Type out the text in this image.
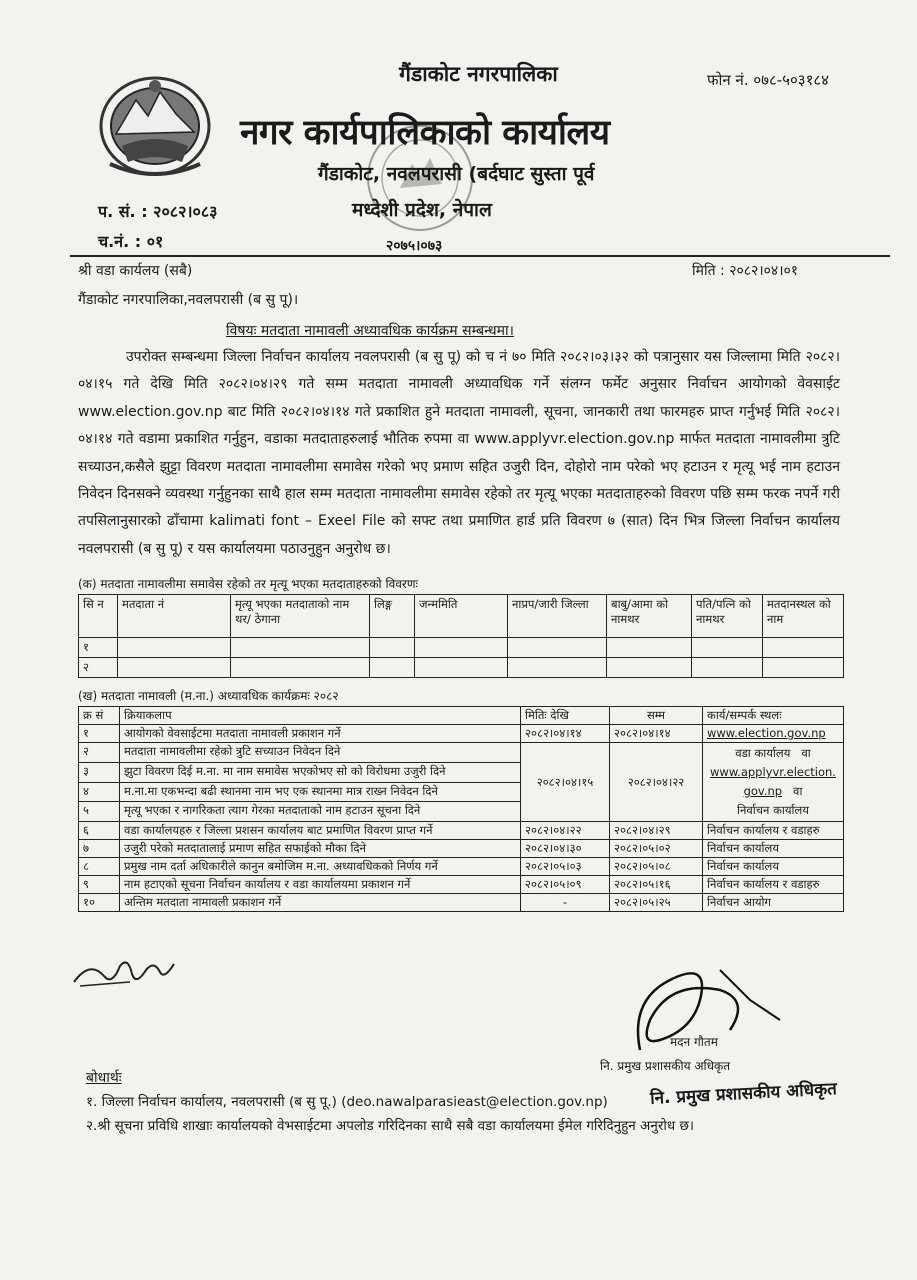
गैंडाकोट नगरपालिका	फोन नं. ०७८-५०३१८४
नगर कार्यपालिकाको कार्यालय
गैंडाकोट, नवलपरासी (बर्दघाट सुस्ता पूर्व
मध्देशी प्रदेश, नेपाल
२०७५।०७३
प. सं. : २०८२।०८३
च.नं. : ०१
श्री वडा कार्यलय (सबै)	मिति : २०८२।०४।०१
गैंडाकोट नगरपालिका,नवलपरासी (ब सु पू)।
विषयः मतदाता नामावली अध्यावधिक कार्यक्रम सम्बन्धमा।
उपरोक्त सम्बन्धमा जिल्ला निर्वाचन कार्यालय नवलपरासी (ब सु पू) को च नं ७० मिति २०८२।०३।३२ को पत्रानुसार यस जिल्लामा मिति २०८२।०४।१५ गते देखि मिति २०८२।०४।२९ गते सम्म मतदाता नामावली अध्यावधिक गर्ने संलग्न फर्मेट अनुसार निर्वाचन आयोगको वेवसाईट www.election.gov.np बाट मिति २०८२।०४।१४ गते प्रकाशित हुने मतदाता नामावली, सूचना, जानकारी तथा फारमहरु प्राप्त गर्नुभई मिति २०८२।०४।१४ गते वडामा प्रकाशित गर्नुहुन, वडाका मतदाताहरुलाई भौतिक रुपमा वा www.applyvr.election.gov.np मार्फत मतदाता नामावलीमा त्रुटि सच्याउन,कसैले झुट्टा विवरण मतदाता नामावलीमा समावेस गरेको भए प्रमाण सहित उजुरी दिन, दोहोरो नाम परेको भए हटाउन र मृत्यू भई नाम हटाउन निवेदन दिनसक्ने व्यवस्था गर्नुहुनका साथै हाल सम्म मतदाता नामावलीमा समावेस रहेको तर मृत्यू भएका मतदाताहरुको विवरण पछि सम्म फरक नपर्ने गरी तपसिलानुसारको ढाँचामा kalimati font – Exeel File को सफ्ट तथा प्रमाणित हार्ड प्रति विवरण ७ (सात) दिन भित्र जिल्ला निर्वाचन कार्यालय नवलपरासी (ब सु पू) र यस कार्यालयमा पठाउनुहुन अनुरोध छ।
(क) मतदाता नामावलीमा समावेस रहेको तर मृत्यू भएका मतदाताहरुको विवरणः
सि न	मतदाता नं	मृत्यू भएका मतदाताको नाम थर/ ठेगाना	लिङ्ग	जन्ममिति	नाप्रप/जारी जिल्ला	बाबु/आमा को नामथर	पति/पत्नि को नामथर	मतदानस्थल को नाम
१								
२								
(ख) मतदाता नामावली (म.ना.) अध्यावधिक कार्यक्रमः २०८२
क्र सं	क्रियाकलाप	मितिः देखि	सम्म	कार्य/सम्पर्क स्थलः
१	आयोगको वेवसाईटमा मतदाता नामावली प्रकाशन गर्ने	२०८२।०४।१४	२०८२।०४।१४	www.election.gov.np
२	मतदाता नामावलीमा रहेको त्रुटि सच्याउन निवेदन दिने	२०८२।०४।१५	२०८२।०४।२२	वडा कार्यालय वा
www.applyvr.election.
gov.np वा
निर्वाचन कार्यालय
३	झुटा विवरण दिई म.ना. मा नाम समावेस भएकोभए सो को विरोधमा उजुरी दिने			
४	म.ना.मा एकभन्दा बढी स्थानमा नाम भए एक स्थानमा मात्र राख्न निवेदन दिने			
५	मृत्यू भएका र नागरिकता त्याग गेरका मतदाताको नाम हटाउन सूचना दिने			
६	वडा कार्यालयहरु र जिल्ला प्रशसन कार्यालय बाट प्रमाणित विवरण प्राप्त गर्ने	२०८२।०४।२२	२०८२।०४।२९	निर्वाचन कार्यालय र वडाहरु
७	उजुरी परेको मतदातालाई प्रमाण सहित सफाईको मौका दिने	२०८२।०४।३०	२०८२।०५।०२	निर्वाचन कार्यालय
८	प्रमुख नाम दर्ता अधिकारीले कानुन बमोजिम म.ना. अध्यावधिकको निर्णय गर्ने	२०८२।०५।०३	२०८२।०५।०८	निर्वाचन कार्यालय
९	नाम हटाएको सूचना निर्वाचन कार्यालय र वडा कार्यालयमा प्रकाशन गर्ने	२०८२।०५।०९	२०८२।०५।१६	निर्वाचन कार्यालय र वडाहरु
१०	अन्तिम मतदाता नामावली प्रकाशन गर्ने	-	२०८२।०५।२५	निर्वाचन आयोग
मदन गौतम
नि. प्रमुख प्रशासकीय अधिकृत
नि. प्रमुख प्रशासकीय अधिकृत
बोधार्थः
१. जिल्ला निर्वाचन कार्यालय, नवलपरासी (ब सु पू.) (deo.nawalparasieast@election.gov.np)
२.श्री सूचना प्रविधि शाखाः कार्यालयको वेभसाईटमा अपलोड गरिदिनका साथै सबै वडा कार्यालयमा ईमेल गरिदिनुहुन अनुरोध छ।
